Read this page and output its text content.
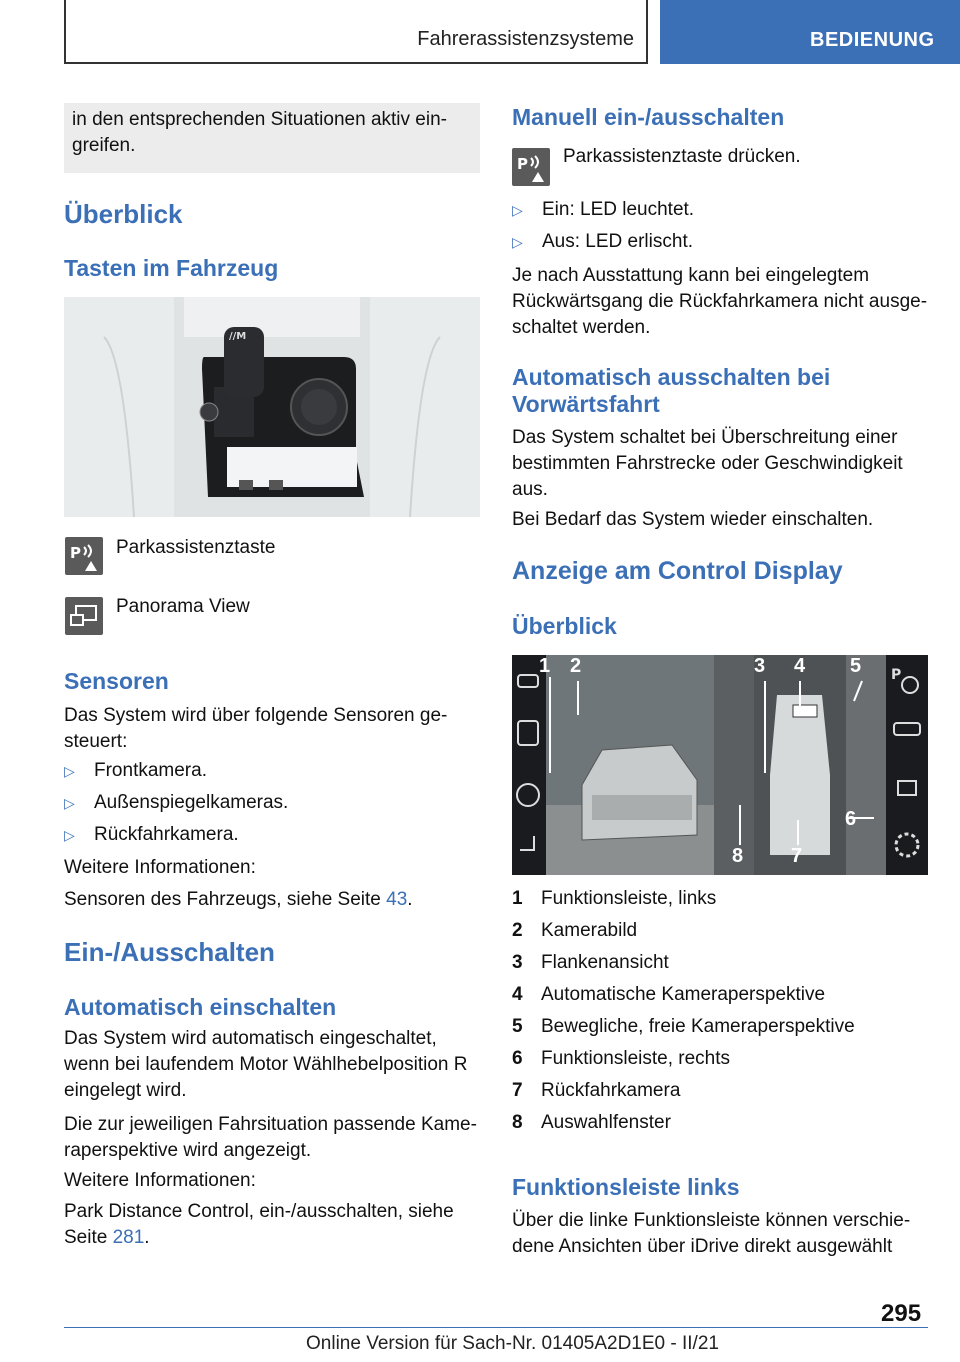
Fahrerassistenzsysteme	BEDIENUNG

in den entsprechenden Situationen aktiv ein-
greifen.

Überblick
Tasten im Fahrzeug
//M
P Parkassistenztaste

Panorama View

Sensoren

Das System wird über folgende Sensoren ge-
steuert:

▷ Frontkamera.
▷ Außenspiegelkameras.
▷ Rückfahrkamera.

Weitere Informationen:

Sensoren des Fahrzeugs, siehe Seite 43.

Ein-/Ausschalten
Automatisch einschalten

Das System wird automatisch eingeschaltet,
wenn bei laufendem Motor Wählhebelposition R
eingelegt wird.

Die zur jeweiligen Fahrsituation passende Kame-
raperspektive wird angezeigt.

Weitere Informationen:

Park Distance Control, ein-/ausschalten, siehe
Seite 281.

Manuell ein-/ausschalten
P Parkassistenztaste drücken.

▷ Ein: LED leuchtet.
▷ Aus: LED erlischt.

Je nach Ausstattung kann bei eingelegtem
Rückwärtsgang die Rückfahrkamera nicht ausge-
schaltet werden.

Automatisch ausschalten bei
Vorwärtsfahrt

Das System schaltet bei Überschreitung einer
bestimmten Fahrstrecke oder Geschwindigkeit
aus.

Bei Bedarf das System wieder einschalten.

Anzeige am Control Display
Überblick
P
1 2	3 4 5
6
7
8
1 Funktionsleiste, links
2 Kamerabild
3 Flankenansicht
4 Automatische Kameraperspektive
5 Bewegliche, freie Kameraperspektive
6 Funktionsleiste, rechts
7 Rückfahrkamera
8 Auswahlfenster
Funktionsleiste links

Über die linke Funktionsleiste können verschie-
dene Ansichten über iDrive direkt ausgewählt

295
Online Version für Sach-Nr. 01405A2D1E0 - II/21
